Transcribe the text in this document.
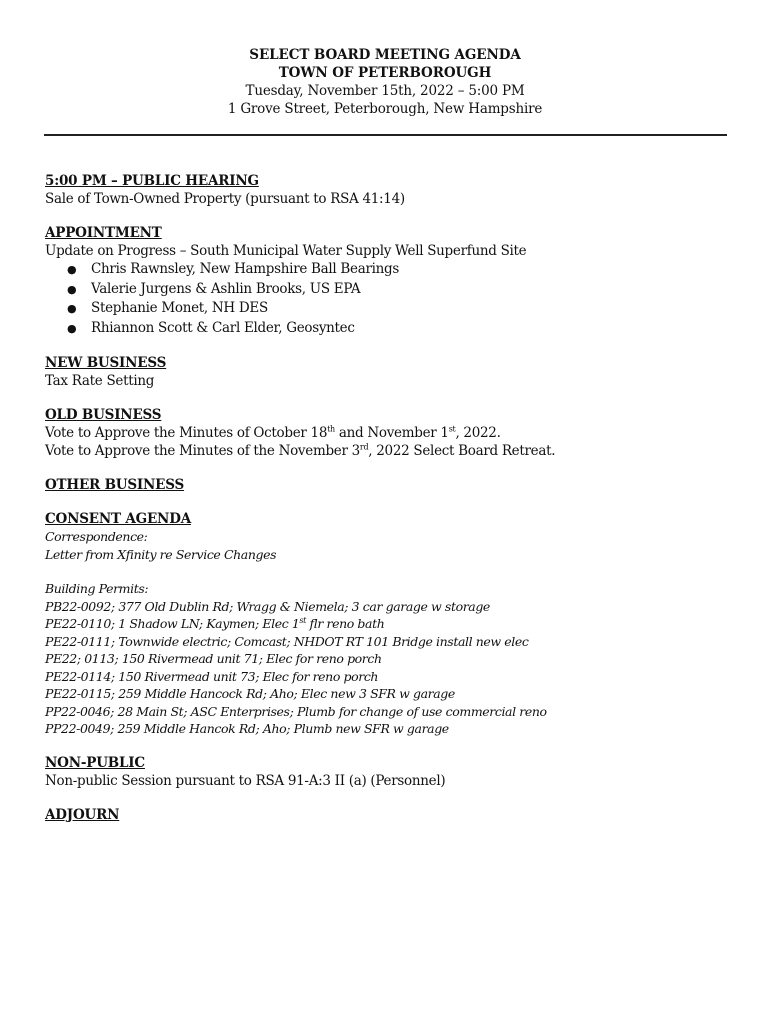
SELECT BOARD MEETING AGENDA
TOWN OF PETERBOROUGH
Tuesday, November 15th, 2022 – 5:00 PM
1 Grove Street, Peterborough, New Hampshire
5:00 PM – PUBLIC HEARING
Sale of Town-Owned Property (pursuant to RSA 41:14)
APPOINTMENT
Update on Progress – South Municipal Water Supply Well Superfund Site
●	Chris Rawnsley, New Hampshire Ball Bearings
●	Valerie Jurgens & Ashlin Brooks, US EPA
●	Stephanie Monet, NH DES
●	Rhiannon Scott & Carl Elder, Geosyntec
NEW BUSINESS
Tax Rate Setting
OLD BUSINESS
Vote to Approve the Minutes of October 18th and November 1st, 2022.
Vote to Approve the Minutes of the November 3rd, 2022 Select Board Retreat.
OTHER BUSINESS
CONSENT AGENDA
Correspondence:
Letter from Xfinity re Service Changes
Building Permits:
PB22-0092; 377 Old Dublin Rd; Wragg & Niemela; 3 car garage w storage
PE22-0110; 1 Shadow LN; Kaymen; Elec 1st flr reno bath
PE22-0111; Townwide electric; Comcast; NHDOT RT 101 Bridge install new elec
PE22; 0113; 150 Rivermead unit 71; Elec for reno porch
PE22-0114; 150 Rivermead unit 73; Elec for reno porch
PE22-0115; 259 Middle Hancock Rd; Aho; Elec new 3 SFR w garage
PP22-0046; 28 Main St; ASC Enterprises; Plumb for change of use commercial reno
PP22-0049; 259 Middle Hancok Rd; Aho; Plumb new SFR w garage
NON-PUBLIC
Non-public Session pursuant to RSA 91-A:3 II (a) (Personnel)
ADJOURN
